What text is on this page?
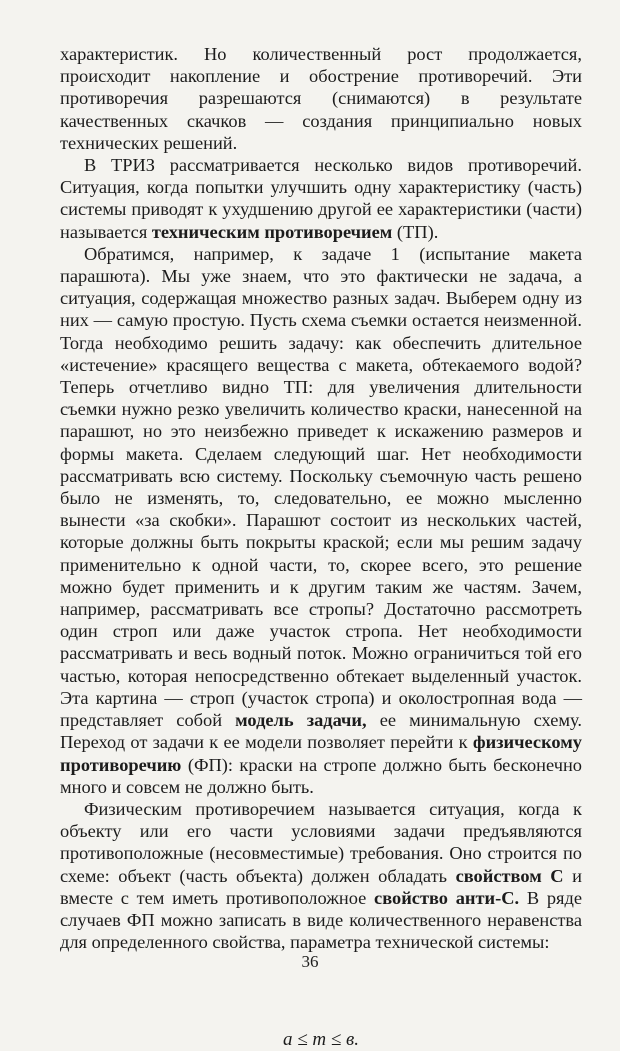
характеристик. Но количественный рост продолжается, происходит накопление и обострение противоречий. Эти противоречия разрешаются (снимаются) в результате качественных скачков — создания принципиально новых технических решений.

В ТРИЗ рассматривается несколько видов противоречий. Ситуация, когда попытки улучшить одну характеристику (часть) системы приводят к ухудшению другой ее характеристики (части) называется техническим противоречием (ТП).

Обратимся, например, к задаче 1 (испытание макета парашюта). Мы уже знаем, что это фактически не задача, а ситуация, содержащая множество разных задач. Выберем одну из них — самую простую. Пусть схема съемки остается неизменной. Тогда необходимо решить задачу: как обеспечить длительное «истечение» красящего вещества с макета, обтекаемого водой? Теперь отчетливо видно ТП: для увеличения длительности съемки нужно резко увеличить количество краски, нанесенной на парашют, но это неизбежно приведет к искажению размеров и формы макета. Сделаем следующий шаг. Нет необходимости рассматривать всю систему. Поскольку съемочную часть решено было не изменять, то, следовательно, ее можно мысленно вынести «за скобки». Парашют состоит из нескольких частей, которые должны быть покрыты краской; если мы решим задачу применительно к одной части, то, скорее всего, это решение можно будет применить и к другим таким же частям. Зачем, например, рассматривать все стропы? Достаточно рассмотреть один строп или даже участок стропа. Нет необходимости рассматривать и весь водный поток. Можно ограничиться той его частью, которая непосредственно обтекает выделенный участок. Эта картина — строп (участок стропа) и околостропная вода — представляет собой модель задачи, ее минимальную схему. Переход от задачи к ее модели позволяет перейти к физическому противоречию (ФП): краски на стропе должно быть бесконечно много и совсем не должно быть.

Физическим противоречием называется ситуация, когда к объекту или его части условиями задачи предъявляются противоположные (несовместимые) требования. Оно строится по схеме: объект (часть объекта) должен обладать свойством С и вместе с тем иметь противоположное свойство анти-С. В ряде случаев ФП можно записать в виде количественного неравенства для определенного свойства, параметра технической системы:

a ≤ m ≤ в.
36
